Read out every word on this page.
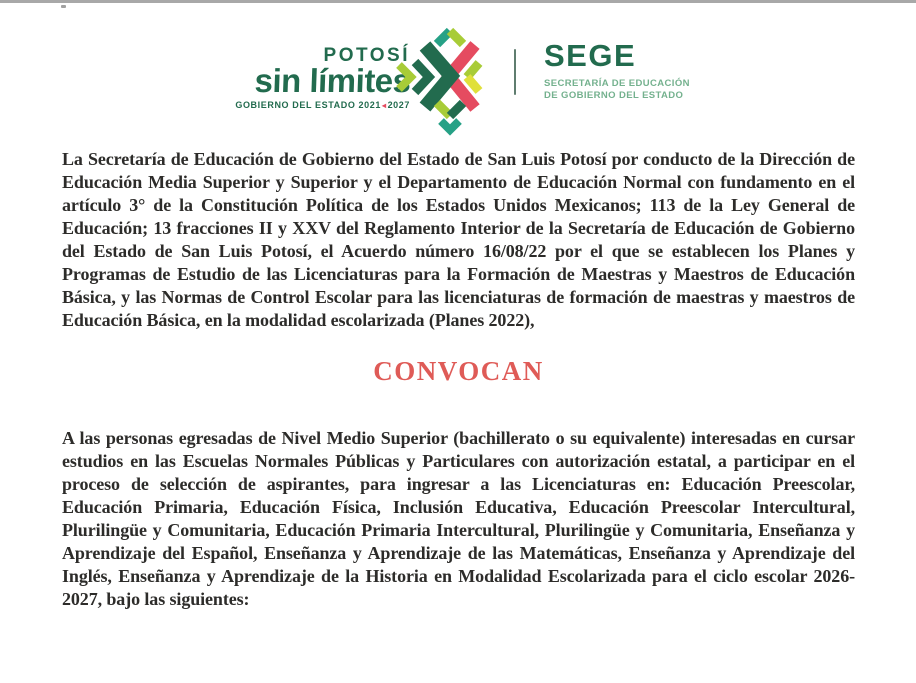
POTOSÍ
sin límites
GOBIERNO DEL ESTADO 2021◂2027
SEGE
SECRETARÍA DE EDUCACIÓN
DE GOBIERNO DEL ESTADO

La Secretaría de Educación de Gobierno del Estado de San Luis Potosí por conducto de la Dirección de Educación Media Superior y Superior y el Departamento de Educación Normal con fundamento en el artículo 3° de la Constitución Política de los Estados Unidos Mexicanos; 113 de la Ley General de Educación; 13 fracciones II y XXV del Reglamento Interior de la Secretaría de Educación de Gobierno del Estado de San Luis Potosí, el Acuerdo número 16/08/22 por el que se establecen los Planes y Programas de Estudio de las Licenciaturas para la Formación de Maestras y Maestros de Educación Básica, y las Normas de Control Escolar para las licenciaturas de formación de maestras y maestros de Educación Básica, en la modalidad escolarizada (Planes 2022),

CONVOCAN

A las personas egresadas de Nivel Medio Superior (bachillerato o su equivalente) interesadas en cursar estudios en las Escuelas Normales Públicas y Particulares con autorización estatal, a participar en el proceso de selección de aspirantes, para ingresar a las Licenciaturas en: Educación Preescolar, Educación Primaria, Educación Física, Inclusión Educativa, Educación Preescolar Intercultural, Plurilingüe y Comunitaria, Educación Primaria Intercultural, Plurilingüe y Comunitaria, Enseñanza y Aprendizaje del Español, Enseñanza y Aprendizaje de las Matemáticas, Enseñanza y Aprendizaje del Inglés, Enseñanza y Aprendizaje de la Historia en Modalidad Escolarizada para el ciclo escolar 2026-2027, bajo las siguientes:
